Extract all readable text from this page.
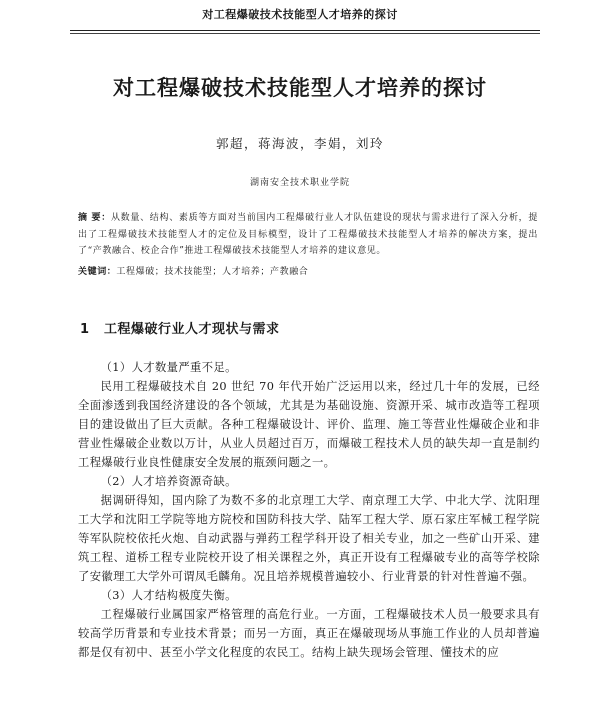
对工程爆破技术技能型人才培养的探讨
对工程爆破技术技能型人才培养的探讨
郭超，蒋海波，李娟，刘玲
湖南安全技术职业学院
摘 要：从数量、结构、素质等方面对当前国内工程爆破行业人才队伍建设的现状与需求进行了深入分析，提出了工程爆破技术技能型人才的定位及目标模型，设计了工程爆破技术技能型人才培养的解决方案，提出了“产教融合、校企合作”推进工程爆破技术技能型人才培养的建议意见。
关键词：工程爆破；技术技能型；人才培养；产教融合
1 工程爆破行业人才现状与需求

（1）人才数量严重不足。

民用工程爆破技术自 20 世纪 70 年代开始广泛运用以来，经过几十年的发展，已经全面渗透到我国经济建设的各个领域，尤其是为基础设施、资源开采、城市改造等工程项目的建设做出了巨大贡献。各种工程爆破设计、评价、监理、施工等营业性爆破企业和非营业性爆破企业数以万计，从业人员超过百万，而爆破工程技术人员的缺失却一直是制约工程爆破行业良性健康安全发展的瓶颈问题之一。

（2）人才培养资源奇缺。

据调研得知，国内除了为数不多的北京理工大学、南京理工大学、中北大学、沈阳理工大学和沈阳工学院等地方院校和国防科技大学、陆军工程大学、原石家庄军械工程学院等军队院校依托火炮、自动武器与弹药工程学科开设了相关专业，加之一些矿山开采、建筑工程、道桥工程专业院校开设了相关课程之外，真正开设有工程爆破专业的高等学校除了安徽理工大学外可谓凤毛麟角。况且培养规模普遍较小、行业背景的针对性普遍不强。

（3）人才结构极度失衡。

工程爆破行业属国家严格管理的高危行业。一方面，工程爆破技术人员一般要求具有较高学历背景和专业技术背景；而另一方面，真正在爆破现场从事施工作业的人员却普遍都是仅有初中、甚至小学文化程度的农民工。结构上缺失现场会管理、懂技术的应
